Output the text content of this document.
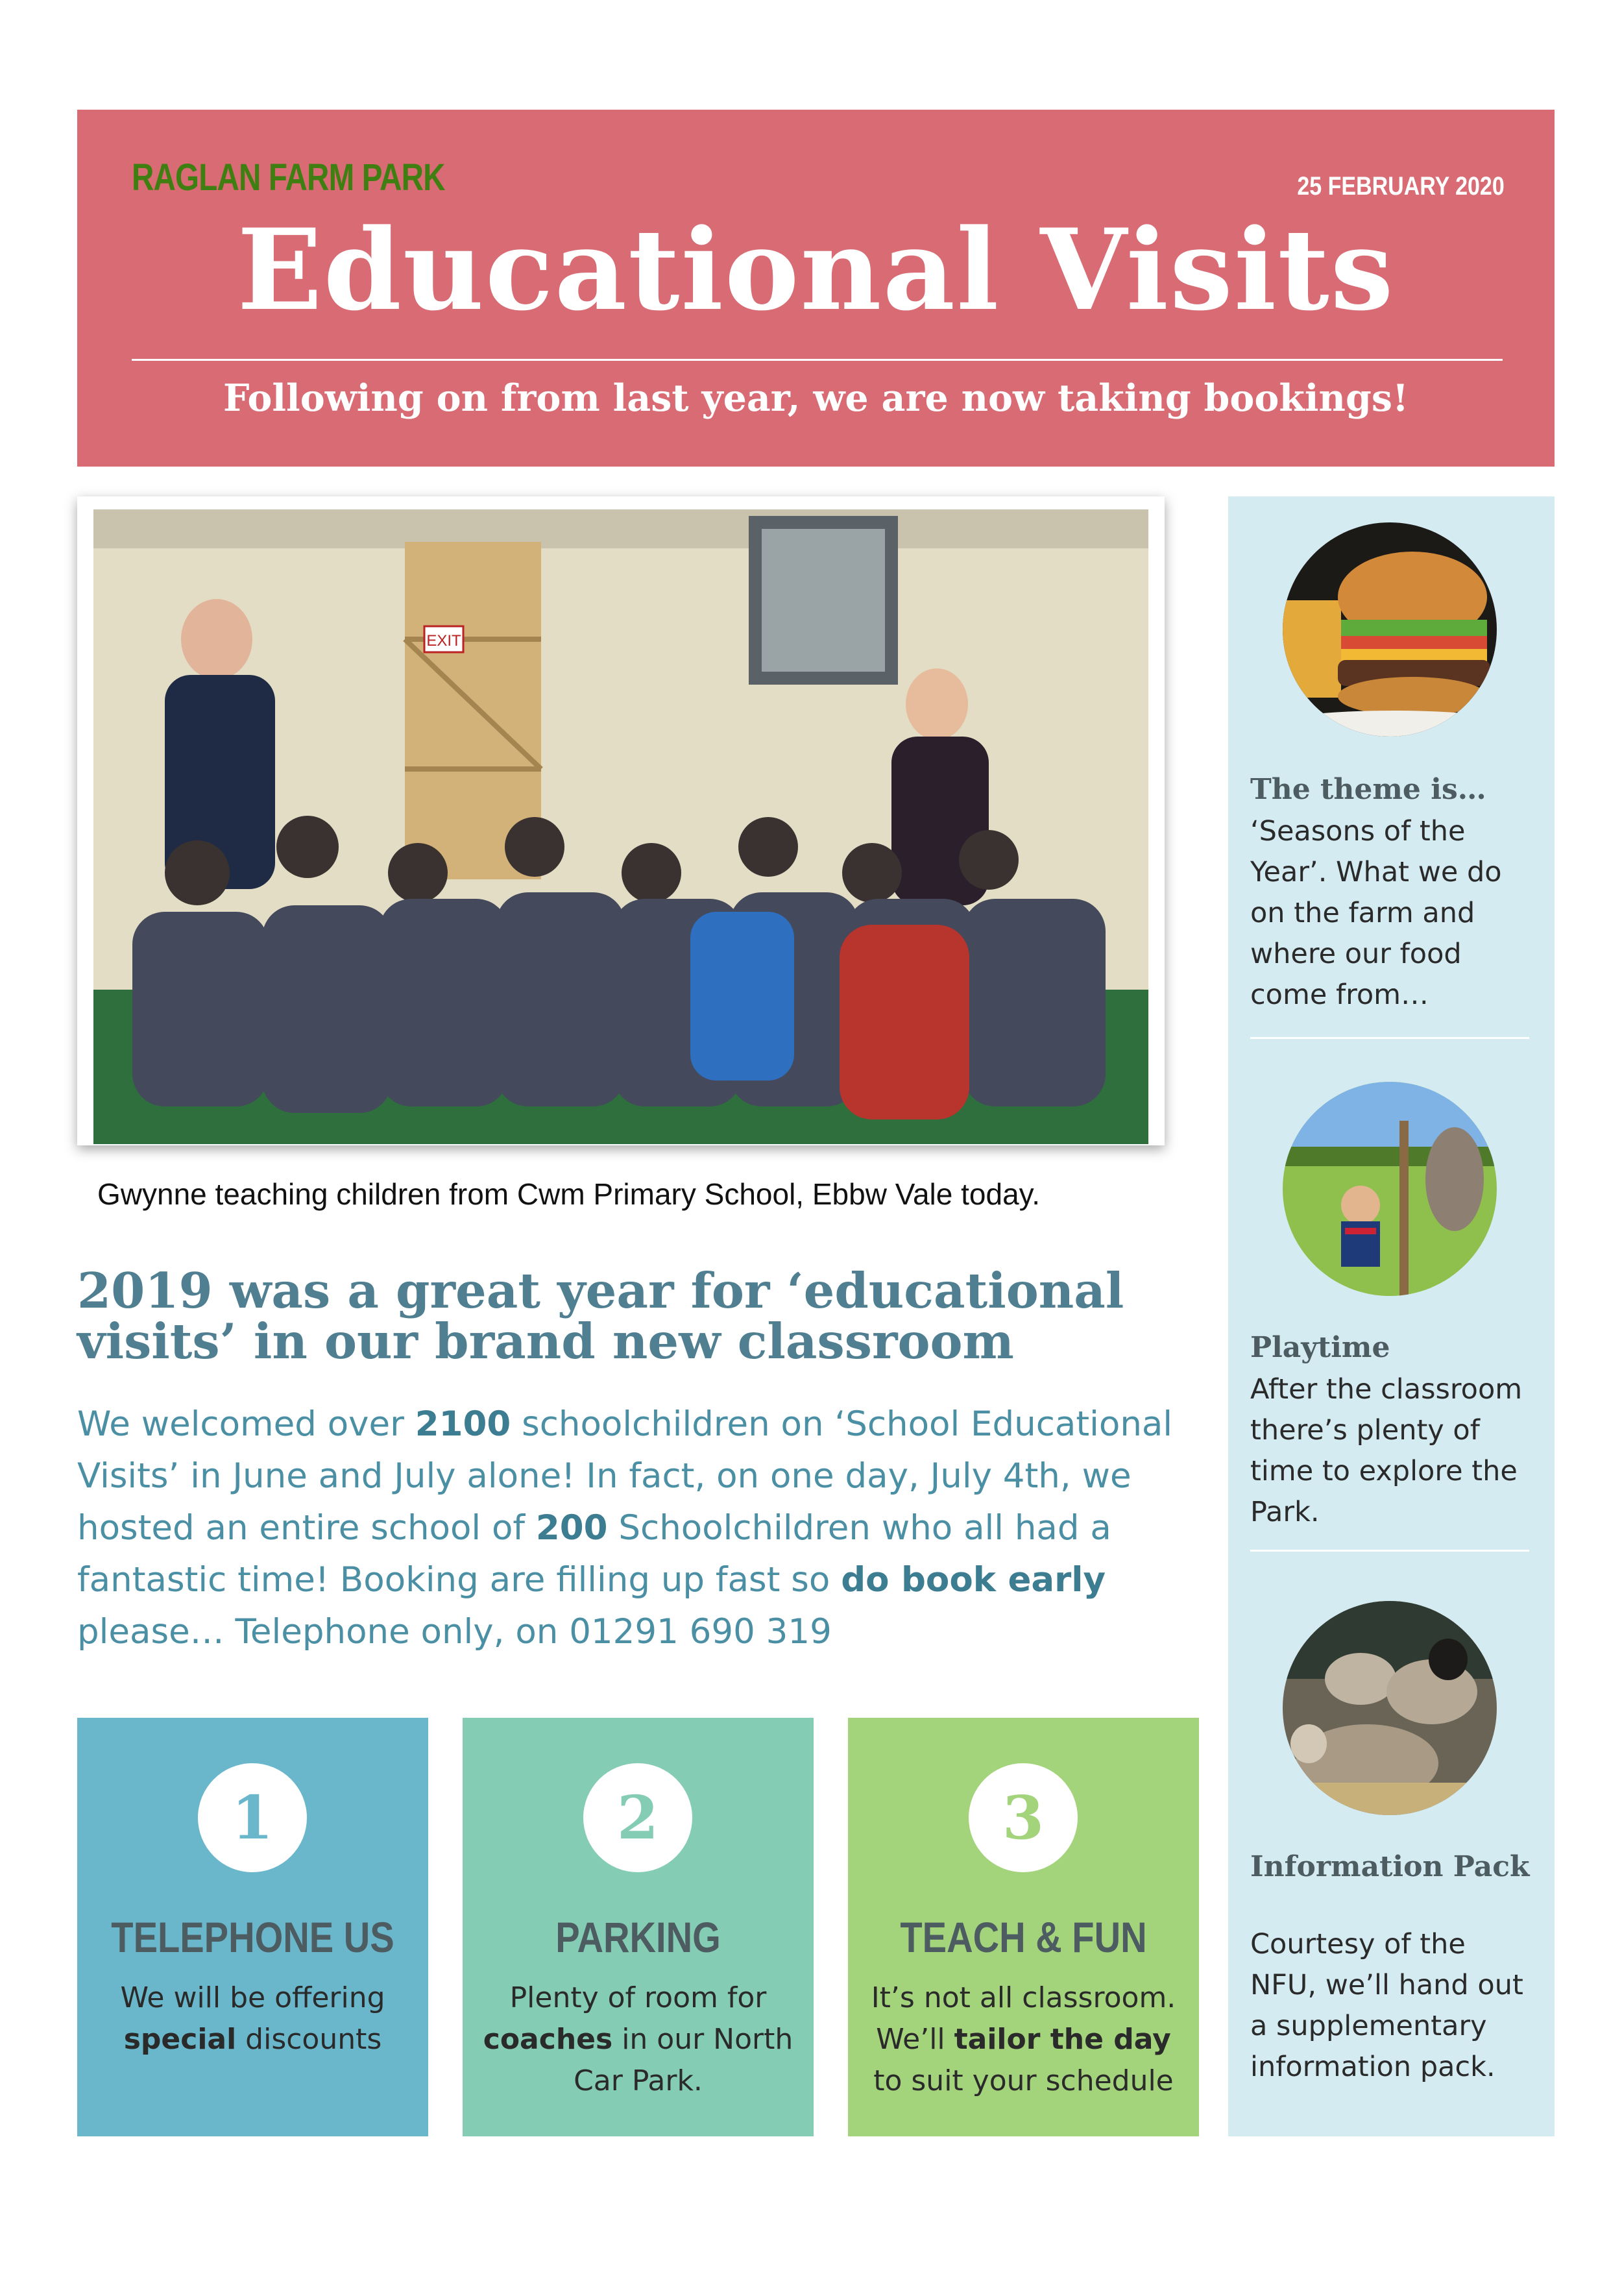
RAGLAN FARM PARK	25 FEBRUARY 2020
Educational Visits
Following on from last year, we are now taking bookings!
EXIT
Gwynne teaching children from Cwm Primary School, Ebbw Vale today.
2019 was a great year for ‘educational visits’ in our brand new classroom
We welcomed over 2100 schoolchildren on ‘School Educational Visits’ in June and July alone! In fact, on one day, July 4th, we hosted an entire school of 200 Schoolchildren who all had a fantastic time! Booking are filling up fast so do book early please… Telephone only, on 01291 690 319
1
TELEPHONE US
We will be offering special discounts
2
PARKING
Plenty of room for coaches in our North Car Park.
3
TEACH & FUN
It’s not all classroom. We’ll tailor the day to suit your schedule
The theme is…
‘Seasons of the Year’. What we do on the farm and where our food come from…
Playtime
After the classroom there’s plenty of time to explore the Park.
Information Pack
Courtesy of the NFU, we’ll hand out a supplementary information pack.
